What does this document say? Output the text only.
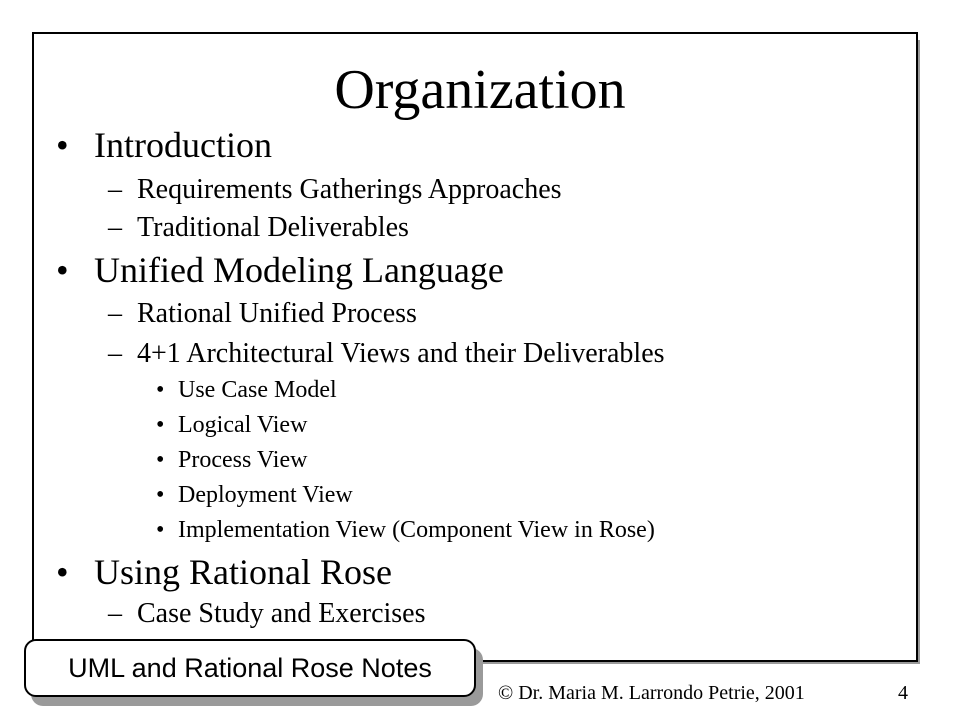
Organization
• Introduction
– Requirements Gatherings Approaches
– Traditional Deliverables
• Unified Modeling Language
– Rational Unified Process
– 4+1 Architectural Views and their Deliverables
• Use Case Model
• Logical View
• Process View
• Deployment View
• Implementation View (Component View in Rose)
• Using Rational Rose
– Case Study and Exercises
UML and Rational Rose Notes
© Dr. Maria M. Larrondo Petrie, 2001	4
